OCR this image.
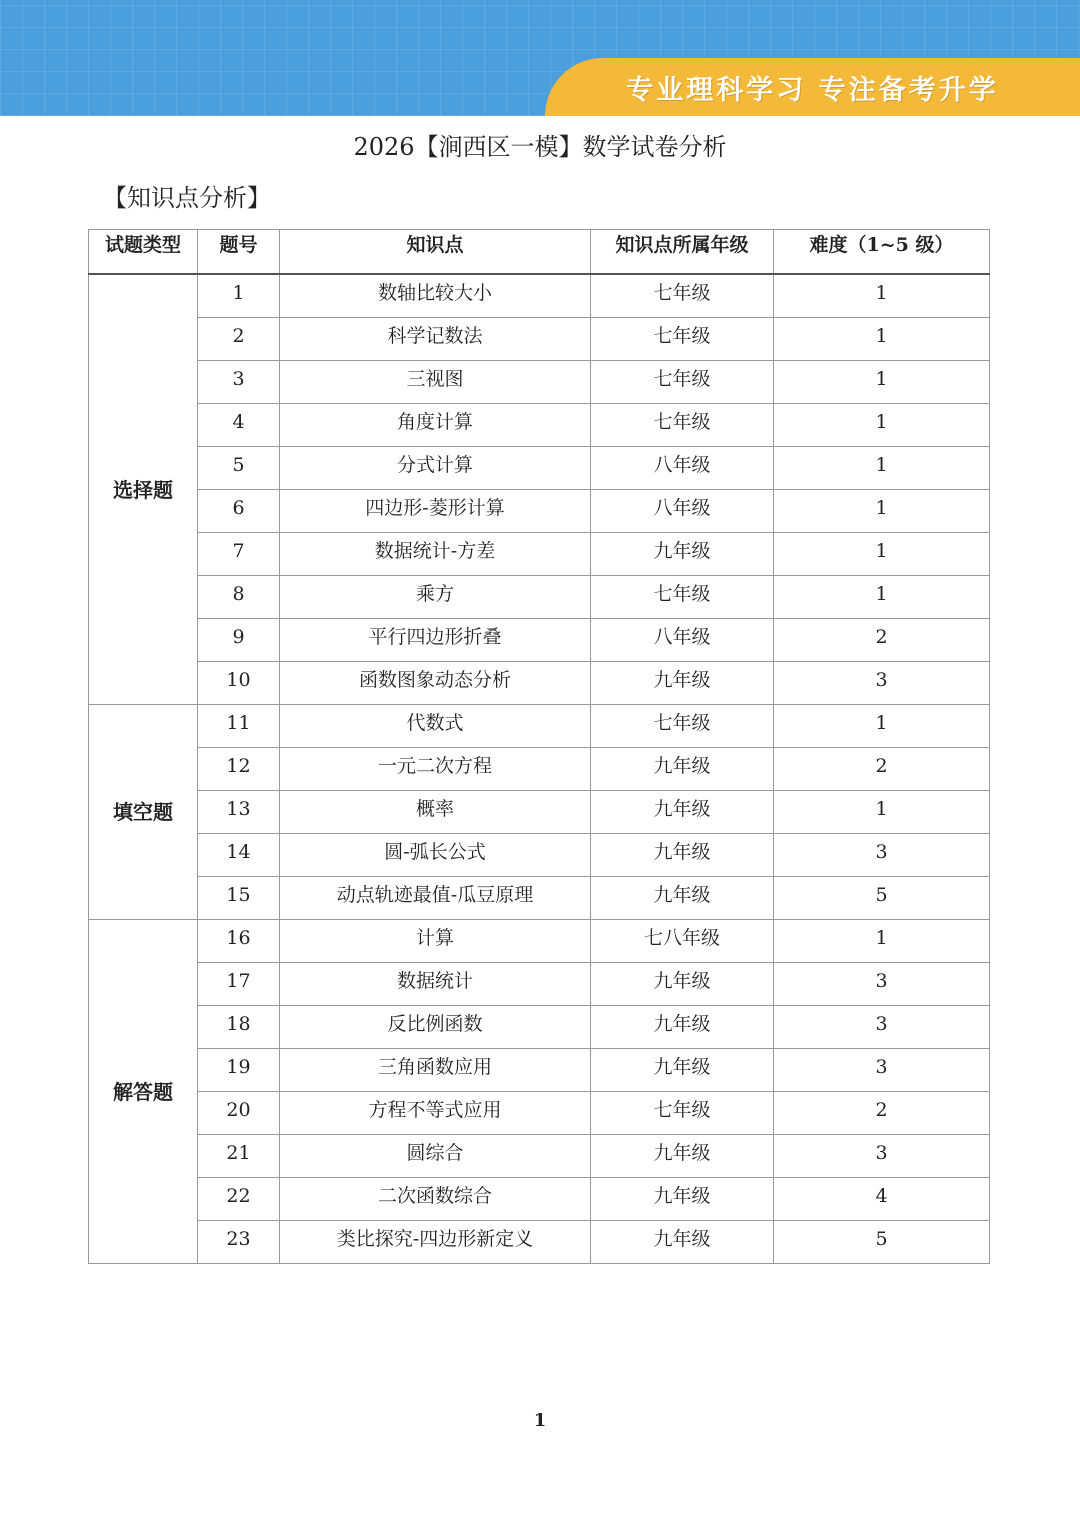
专业理科学习 专注备考升学
2026【涧西区一模】数学试卷分析
【知识点分析】
试题类型	题号	知识点	知识点所属年级	难度（1~5 级）
选择题	1	数轴比较大小	七年级	1
	2	科学记数法	七年级	1
	3	三视图	七年级	1
	4	角度计算	七年级	1
	5	分式计算	八年级	1
	6	四边形-菱形计算	八年级	1
	7	数据统计-方差	九年级	1
	8	乘方	七年级	1
	9	平行四边形折叠	八年级	2
	10	函数图象动态分析	九年级	3
填空题	11	代数式	七年级	1
	12	一元二次方程	九年级	2
	13	概率	九年级	1
	14	圆-弧长公式	九年级	3
	15	动点轨迹最值-瓜豆原理	九年级	5
解答题	16	计算	七八年级	1
	17	数据统计	九年级	3
	18	反比例函数	九年级	3
	19	三角函数应用	九年级	3
	20	方程不等式应用	七年级	2
	21	圆综合	九年级	3
	22	二次函数综合	九年级	4
	23	类比探究-四边形新定义	九年级	5
1
